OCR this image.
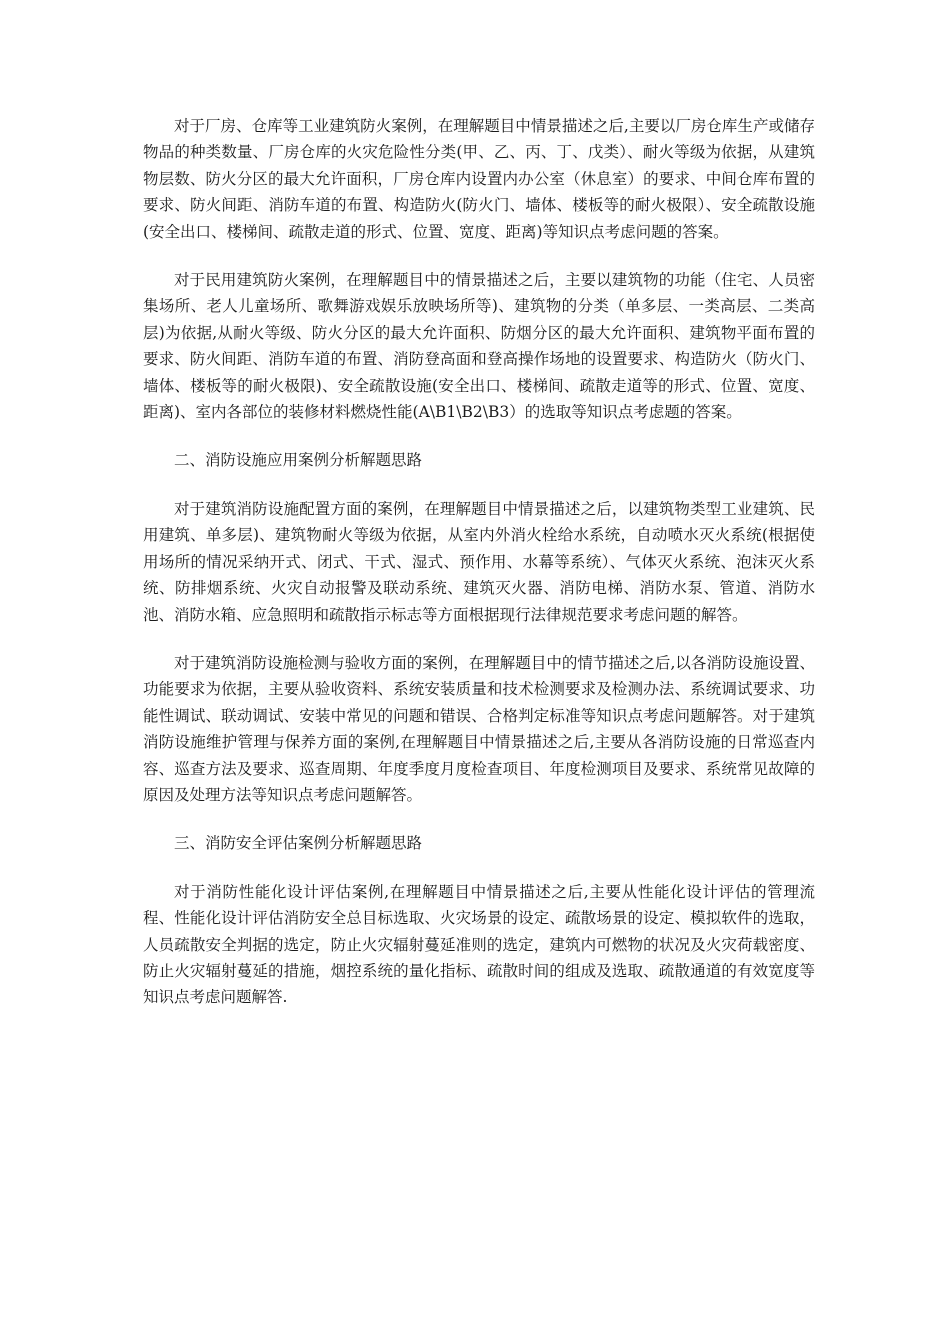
对于厂房、仓库等工业建筑防火案例，在理解题目中情景描述之后,主要以厂房仓库生产或储存物品的种类数量、厂房仓库的火灾危险性分类(甲、乙、丙、丁、戊类）、耐火等级为依据，从建筑物层数、防火分区的最大允许面积，厂房仓库内设置内办公室（休息室）的要求、中间仓库布置的要求、防火间距、消防车道的布置、构造防火(防火门、墙体、楼板等的耐火极限）、安全疏散设施(安全出口、楼梯间、疏散走道的形式、位置、宽度、距离)等知识点考虑问题的答案。

对于民用建筑防火案例，在理解题目中的情景描述之后，主要以建筑物的功能（住宅、人员密集场所、老人儿童场所、歌舞游戏娱乐放映场所等)、建筑物的分类（单多层、一类高层、二类高层)为依据,从耐火等级、防火分区的最大允许面积、防烟分区的最大允许面积、建筑物平面布置的要求、防火间距、消防车道的布置、消防登高面和登高操作场地的设置要求、构造防火（防火门、墙体、楼板等的耐火极限)、安全疏散设施(安全出口、楼梯间、疏散走道等的形式、位置、宽度、距离)、室内各部位的装修材料燃烧性能(A\B1\B2\B3）的选取等知识点考虑题的答案。

二、消防设施应用案例分析解题思路

对于建筑消防设施配置方面的案例，在理解题目中情景描述之后，以建筑物类型工业建筑、民用建筑、单多层)、建筑物耐火等级为依据，从室内外消火栓给水系统，自动喷水灭火系统(根据使用场所的情况采纳开式、闭式、干式、湿式、预作用、水幕等系统）、气体灭火系统、泡沫灭火系统、防排烟系统、火灾自动报警及联动系统、建筑灭火器、消防电梯、消防水泵、管道、消防水池、消防水箱、应急照明和疏散指示标志等方面根据现行法律规范要求考虑问题的解答。

对于建筑消防设施检测与验收方面的案例，在理解题目中的情节描述之后,以各消防设施设置、功能要求为依据，主要从验收资料、系统安装质量和技术检测要求及检测办法、系统调试要求、功能性调试、联动调试、安装中常见的问题和错误、合格判定标准等知识点考虑问题解答。对于建筑消防设施维护管理与保养方面的案例,在理解题目中情景描述之后,主要从各消防设施的日常巡查内容、巡查方法及要求、巡查周期、年度季度月度检查项目、年度检测项目及要求、系统常见故障的原因及处理方法等知识点考虑问题解答。

三、消防安全评估案例分析解题思路

对于消防性能化设计评估案例,在理解题目中情景描述之后,主要从性能化设计评估的管理流程、性能化设计评估消防安全总目标选取、火灾场景的设定、疏散场景的设定、模拟软件的选取，人员疏散安全判据的选定，防止火灾辐射蔓延准则的选定，建筑内可燃物的状况及火灾荷载密度、防止火灾辐射蔓延的措施，烟控系统的量化指标、疏散时间的组成及选取、疏散通道的有效宽度等知识点考虑问题解答.
